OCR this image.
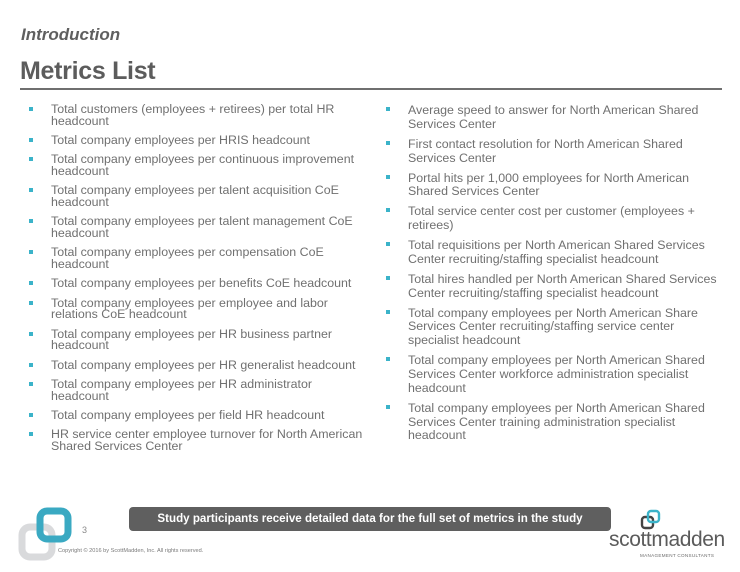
Introduction
Metrics List
Total customers (employees + retirees) per total HR headcount
Total company employees per HRIS headcount
Total company employees per continuous improvement headcount
Total company employees per talent acquisition CoE headcount
Total company employees per talent management CoE headcount
Total company employees per compensation CoE headcount
Total company employees per benefits CoE headcount
Total company employees per employee and labor relations CoE headcount
Total company employees per HR business partner headcount
Total company employees per HR generalist headcount
Total company employees per HR administrator headcount
Total company employees per field HR headcount
HR service center employee turnover for North American Shared Services Center
Average speed to answer for North American Shared Services Center
First contact resolution for North American Shared Services Center
Portal hits per 1,000 employees for North American Shared Services Center
Total service center cost per customer (employees + retirees)
Total requisitions per North American Shared Services Center recruiting/staffing specialist headcount
Total hires handled per North American Shared Services Center recruiting/staffing specialist headcount
Total company employees per North American Share Services Center recruiting/staffing service center specialist headcount
Total company employees per North American Shared Services Center workforce administration specialist headcount
Total company employees per North American Shared Services Center training administration specialist headcount
3
Copyright © 2016 by ScottMadden, Inc. All rights reserved.
Study participants receive detailed data for the full set of metrics in the study
scottmadden
MANAGEMENT CONSULTANTS
